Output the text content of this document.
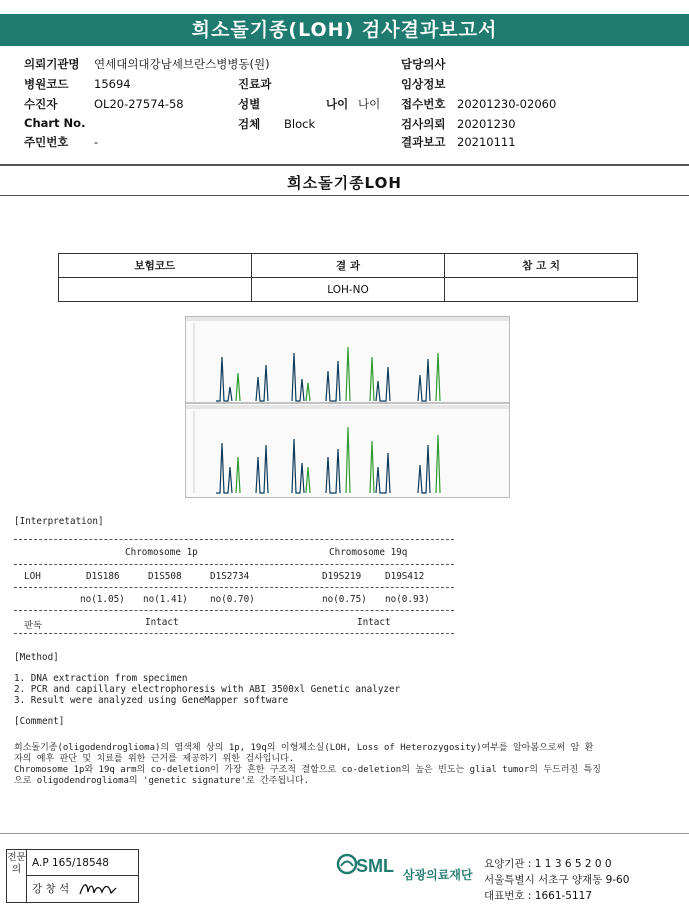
희소돌기종(LOH) 검사결과보고서
의뢰기관명 연세대의대강남세브란스병병동(원)
병원코드 15694
수진자	OL20-27574-58
Chart No.
주민번호 -
진료과
성별
검체 Block
나이 나이
담당의사
임상정보
접수번호 20201230-02060
검사의뢰 20201230
결과보고 20210111
희소돌기종LOH
보험코드	결 과	참 고 치
	LOH-NO	
[Interpretation]
Chromosome 1p	Chromosome 19q
LOH	D1S186	D1S508	D1S2734	D19S219	D19S412
no(1.05) no(1.41) no(0.70)	no(0.75) no(0.93)
판독	Intact	Intact
[Method]
1. DNA extraction from specimen
2. PCR and capillary electrophoresis with ABI 3500xl Genetic analyzer
3. Result were analyzed using GeneMapper software
[Comment]
희소돌기종(oligodendroglioma)의 염색체 상의 1p, 19q의 이형체소실(LOH, Loss of Heterozygosity)여부를 알아봄으로써 암 환
자의 예후 판단 및 치료를 위한 근거를 제공하기 위한 검사입니다.
Chromosome 1p와 19q arm의 co-deletion이 가장 흔한 구조적 결함으로 co-deletion의 높은 빈도는 glial tumor의 두드러진 특징
으로 oligodendroglioma의 'genetic signature'로 간주됩니다.
전문의
A.P 165/18548
강 창 석
SML 삼광의료재단
요양기관 : 1 1 3 6 5 2 0 0
서울특별시 서초구 양재동 9-60
대표번호 : 1661-5117
